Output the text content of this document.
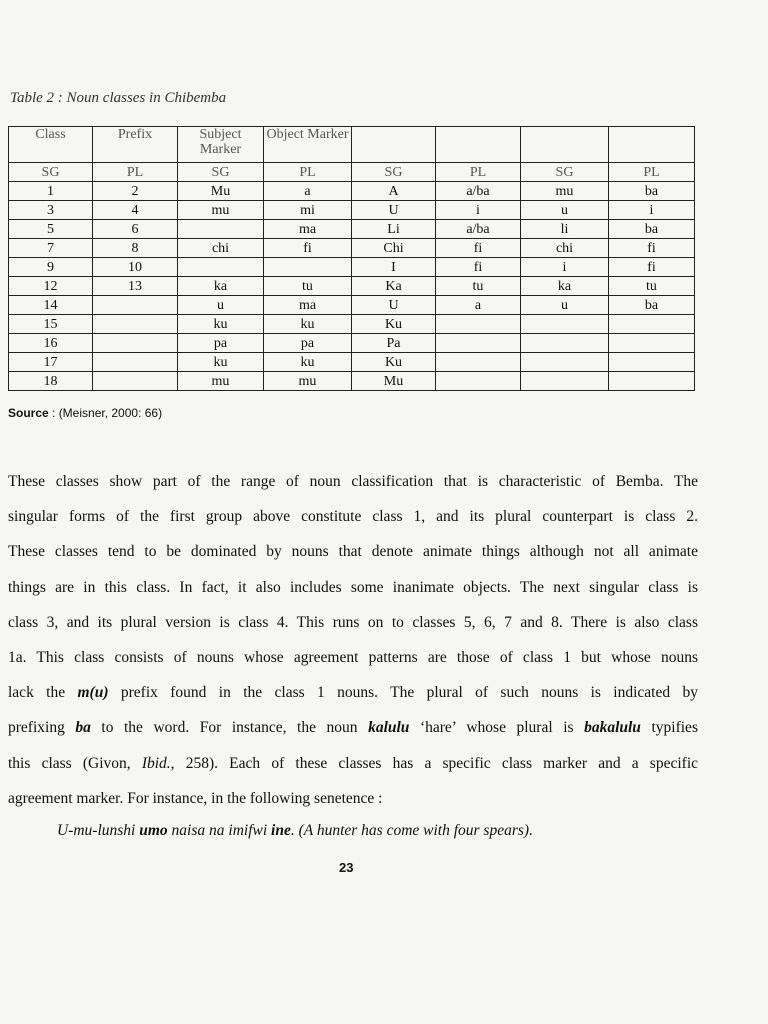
Table 2 : Noun classes in Chibemba
Class	Prefix	Subject Marker	Object Marker				
SG	PL	SG	PL	SG	PL	SG	PL
1	2	Mu	a	A	a/ba	mu	ba
3	4	mu	mi	U	i	u	i
5	6		ma	Li	a/ba	li	ba
7	8	chi	fi	Chi	fi	chi	fi
9	10			I	fi	i	fi
12	13	ka	tu	Ka	tu	ka	tu
14		u	ma	U	a	u	ba
15		ku	ku	Ku			
16		pa	pa	Pa			
17		ku	ku	Ku			
18		mu	mu	Mu			
Source : (Meisner, 2000: 66)
These classes show part of the range of noun classification that is characteristic of Bemba. The
singular forms of the first group above constitute class 1, and its plural counterpart is class 2.
These classes tend to be dominated by nouns that denote animate things although not all animate
things are in this class. In fact, it also includes some inanimate objects. The next singular class is
class 3, and its plural version is class 4. This runs on to classes 5, 6, 7 and 8. There is also class
1a. This class consists of nouns whose agreement patterns are those of class 1 but whose nouns
lack the m(u) prefix found in the class 1 nouns. The plural of such nouns is indicated by
prefixing ba to the word. For instance, the noun kalulu ‘hare’ whose plural is bakalulu typifies
this class (Givon, Ibid., 258). Each of these classes has a specific class marker and a specific
agreement marker. For instance, in the following senetence :
U-mu-lunshi umo naisa na imifwi ine. (A hunter has come with four spears).
23
